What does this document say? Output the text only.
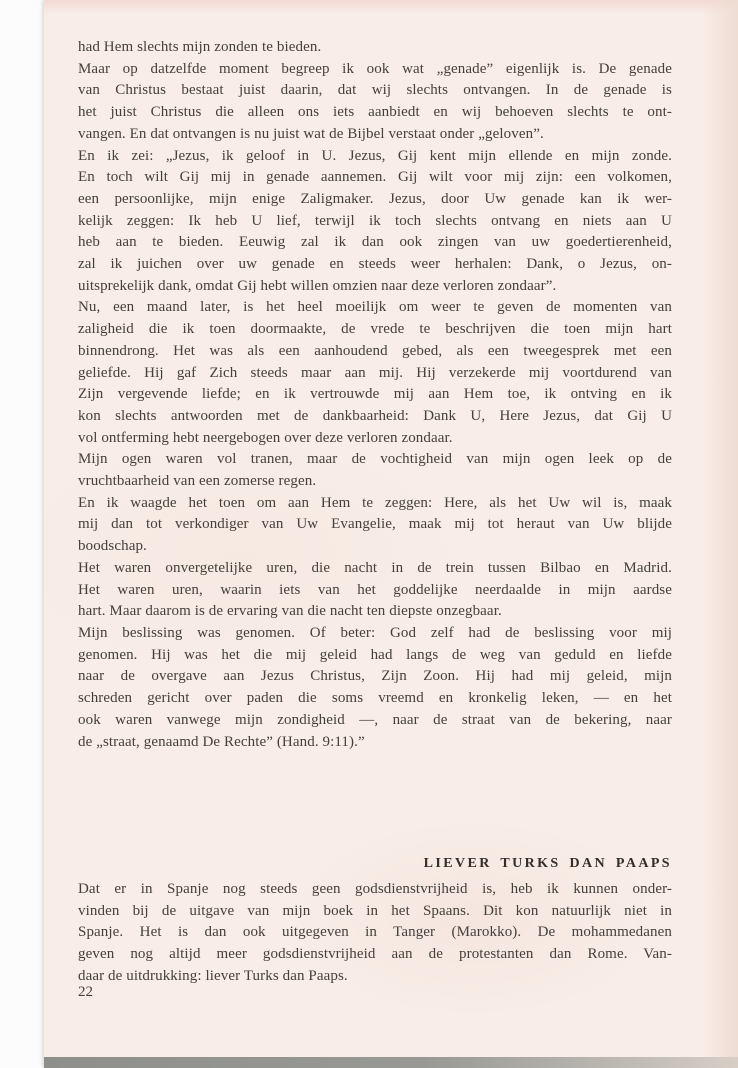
had Hem slechts mijn zonden te bieden.
Maar op datzelfde moment begreep ik ook wat „genade” eigenlijk is. De genade
van Christus bestaat juist daarin, dat wij slechts ontvangen. In de genade is
het juist Christus die alleen ons iets aanbiedt en wij behoeven slechts te ont-
vangen. En dat ontvangen is nu juist wat de Bijbel verstaat onder „geloven”.
En ik zei: „Jezus, ik geloof in U. Jezus, Gij kent mijn ellende en mijn zonde.
En toch wilt Gij mij in genade aannemen. Gij wilt voor mij zijn: een volkomen,
een persoonlijke, mijn enige Zaligmaker. Jezus, door Uw genade kan ik wer-
kelijk zeggen: Ik heb U lief, terwijl ik toch slechts ontvang en niets aan U
heb aan te bieden. Eeuwig zal ik dan ook zingen van uw goedertierenheid,
zal ik juichen over uw genade en steeds weer herhalen: Dank, o Jezus, on-
uitsprekelijk dank, omdat Gij hebt willen omzien naar deze verloren zondaar”.
Nu, een maand later, is het heel moeilijk om weer te geven de momenten van
zaligheid die ik toen doormaakte, de vrede te beschrijven die toen mijn hart
binnendrong. Het was als een aanhoudend gebed, als een tweegesprek met een
geliefde. Hij gaf Zich steeds maar aan mij. Hij verzekerde mij voortdurend van
Zijn vergevende liefde; en ik vertrouwde mij aan Hem toe, ik ontving en ik
kon slechts antwoorden met de dankbaarheid: Dank U, Here Jezus, dat Gij U
vol ontferming hebt neergebogen over deze verloren zondaar.
Mijn ogen waren vol tranen, maar de vochtigheid van mijn ogen leek op de
vruchtbaarheid van een zomerse regen.
En ik waagde het toen om aan Hem te zeggen: Here, als het Uw wil is, maak
mij dan tot verkondiger van Uw Evangelie, maak mij tot heraut van Uw blijde
boodschap.
Het waren onvergetelijke uren, die nacht in de trein tussen Bilbao en Madrid.
Het waren uren, waarin iets van het goddelijke neerdaalde in mijn aardse
hart. Maar daarom is de ervaring van die nacht ten diepste onzegbaar.
Mijn beslissing was genomen. Of beter: God zelf had de beslissing voor mij
genomen. Hij was het die mij geleid had langs de weg van geduld en liefde
naar de overgave aan Jezus Christus, Zijn Zoon. Hij had mij geleid, mijn
schreden gericht over paden die soms vreemd en kronkelig leken, — en het
ook waren vanwege mijn zondigheid —, naar de straat van de bekering, naar
de „straat, genaamd De Rechte” (Hand. 9:11).”
LIEVER TURKS DAN PAAPS
Dat er in Spanje nog steeds geen godsdienstvrijheid is, heb ik kunnen onder-
vinden bij de uitgave van mijn boek in het Spaans. Dit kon natuurlijk niet in
Spanje. Het is dan ook uitgegeven in Tanger (Marokko). De mohammedanen
geven nog altijd meer godsdienstvrijheid aan de protestanten dan Rome. Van-
daar de uitdrukking: liever Turks dan Paaps.
22
